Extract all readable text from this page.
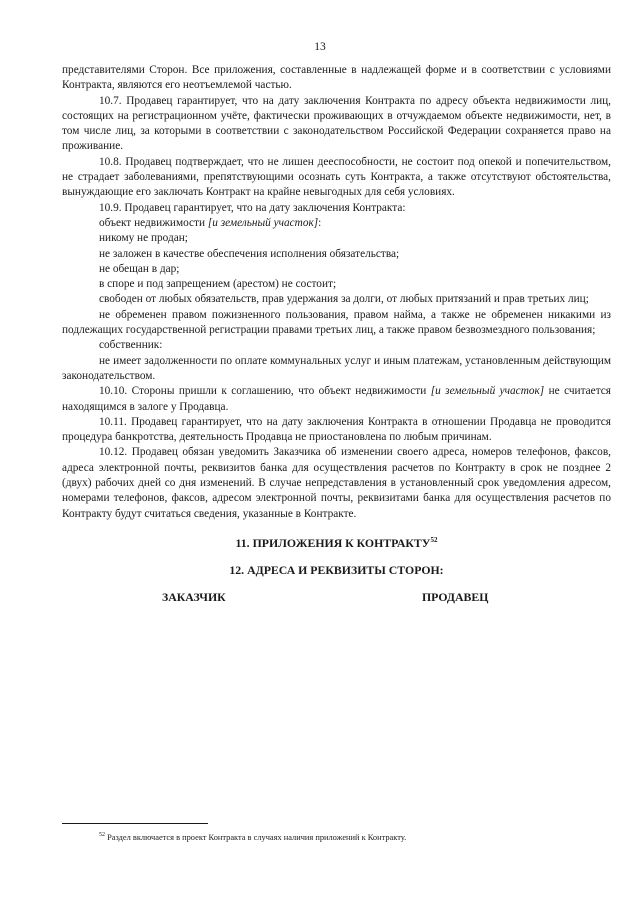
13

представителями Сторон. Все приложения, составленные в надлежащей форме и в соответствии с условиями Контракта, являются его неотъемлемой частью.

10.7. Продавец гарантирует, что на дату заключения Контракта по адресу объекта недвижимости лиц, состоящих на регистрационном учёте, фактически проживающих в отчуждаемом объекте недвижимости, нет, в том числе лиц, за которыми в соответствии с законодательством Российской Федерации сохраняется право на проживание.

10.8. Продавец подтверждает, что не лишен дееспособности, не состоит под опекой и попечительством, не страдает заболеваниями, препятствующими осознать суть Контракта, а также отсутствуют обстоятельства, вынуждающие его заключать Контракт на крайне невыгодных для себя условиях.

10.9. Продавец гарантирует, что на дату заключения Контракта:

объект недвижимости [и земельный участок]:

никому не продан;

не заложен в качестве обеспечения исполнения обязательства;

не обещан в дар;

в споре и под запрещением (арестом) не состоит;

свободен от любых обязательств, прав удержания за долги, от любых притязаний и прав третьих лиц;

не обременен правом пожизненного пользования, правом найма, а также не обременен никакими из подлежащих государственной регистрации правами третьих лиц, а также правом безвозмездного пользования;

собственник:

не имеет задолженности по оплате коммунальных услуг и иным платежам, установленным действующим законодательством.

10.10. Стороны пришли к соглашению, что объект недвижимости [и земельный участок] не считается находящимся в залоге у Продавца.

10.11. Продавец гарантирует, что на дату заключения Контракта в отношении Продавца не проводится процедура банкротства, деятельность Продавца не приостановлена по любым причинам.

10.12. Продавец обязан уведомить Заказчика об изменении своего адреса, номеров телефонов, факсов, адреса электронной почты, реквизитов банка для осуществления расчетов по Контракту в срок не позднее 2 (двух) рабочих дней со дня изменений. В случае непредставления в установленный срок уведомления адресом, номерами телефонов, факсов, адресом электронной почты, реквизитами банка для осуществления расчетов по Контракту будут считаться сведения, указанные в Контракте.

11. ПРИЛОЖЕНИЯ К КОНТРАКТУ$^{52}$

12. АДРЕСА И РЕКВИЗИТЫ СТОРОН:

ЗАКАЗЧИК	ПРОДАВЕЦ
$^{52}$ Раздел включается в проект Контракта в случаях наличия приложений к Контракту.
